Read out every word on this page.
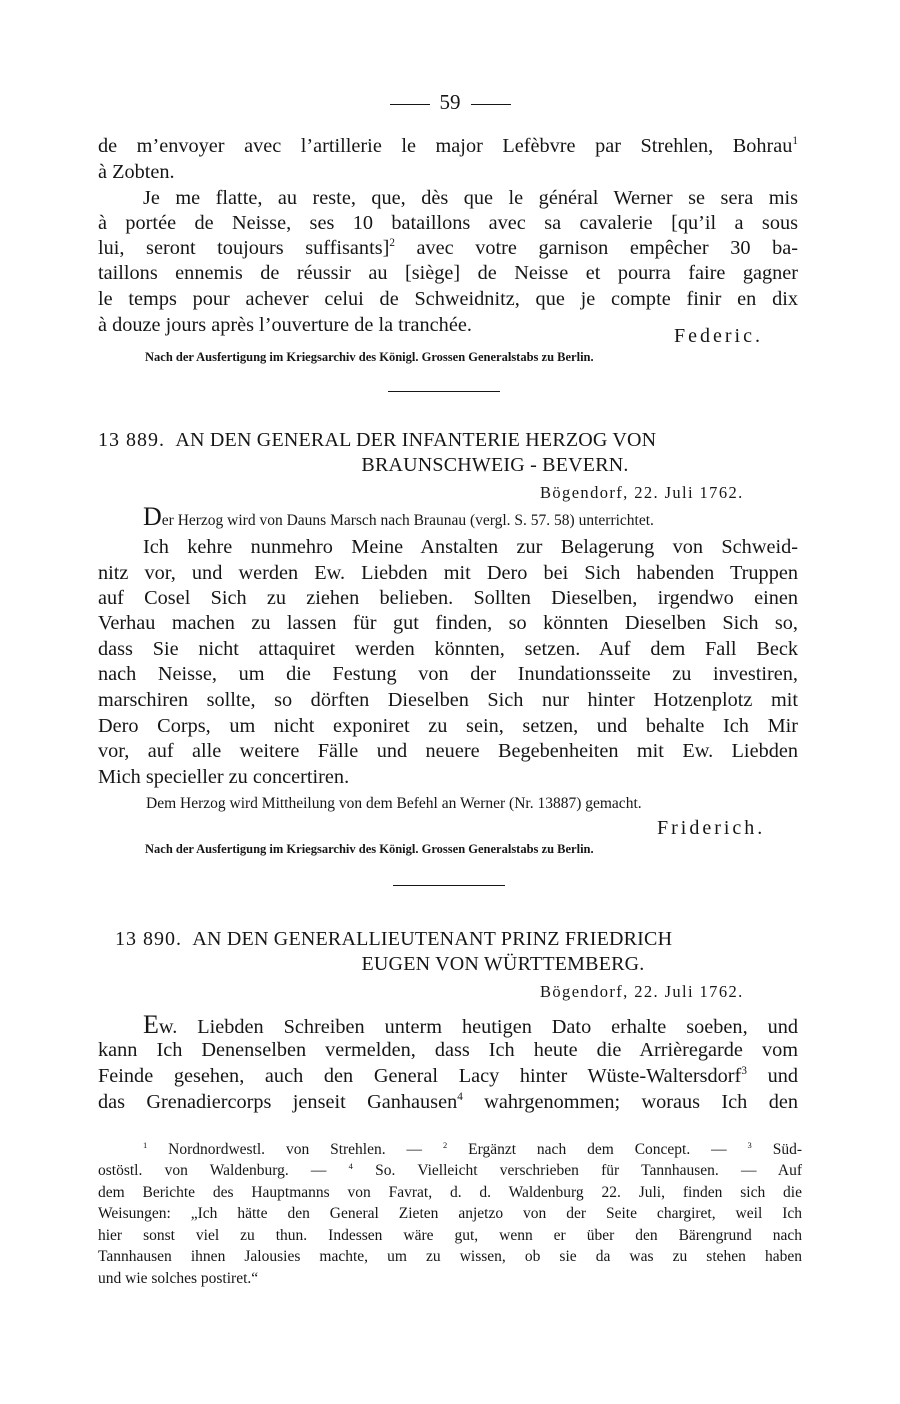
59
de m’envoyer avec l’artillerie le major Lefèbvre par Strehlen, Bohrau$^1$
à Zobten.
Je me flatte, au reste, que, dès que le général Werner se sera mis
à portée de Neisse, ses 10 bataillons avec sa cavalerie [qu’il a sous
lui, seront toujours suffisants]$^2$ avec votre garnison empêcher 30 ba-
taillons ennemis de réussir au [siège] de Neisse et pourra faire gagner
le temps pour achever celui de Schweidnitz, que je compte finir en dix
à douze jours après l’ouverture de la tranchée.	Federic.
Nach der Ausfertigung im Kriegsarchiv des Königl. Grossen Generalstabs zu Berlin.
13 889. AN DEN GENERAL DER INFANTERIE HERZOG VON
BRAUNSCHWEIG - BEVERN.
Bögendorf, 22. Juli 1762.
Der Herzog wird von Dauns Marsch nach Braunau (vergl. S. 57. 58) unterrichtet.
Ich kehre nunmehro Meine Anstalten zur Belagerung von Schweid-
nitz vor, und werden Ew. Liebden mit Dero bei Sich habenden Truppen
auf Cosel Sich zu ziehen belieben. Sollten Dieselben, irgendwo einen
Verhau machen zu lassen für gut finden, so könnten Dieselben Sich so,
dass Sie nicht attaquiret werden könnten, setzen. Auf dem Fall Beck
nach Neisse, um die Festung von der Inundationsseite zu investiren,
marschiren sollte, so dörften Dieselben Sich nur hinter Hotzenplotz mit
Dero Corps, um nicht exponiret zu sein, setzen, und behalte Ich Mir
vor, auf alle weitere Fälle und neuere Begebenheiten mit Ew. Liebden
Mich specieller zu concertiren.
Dem Herzog wird Mittheilung von dem Befehl an Werner (Nr. 13887) gemacht.
Friderich.
Nach der Ausfertigung im Kriegsarchiv des Königl. Grossen Generalstabs zu Berlin.
13 890. AN DEN GENERALLIEUTENANT PRINZ FRIEDRICH
EUGEN VON WÜRTTEMBERG.
Bögendorf, 22. Juli 1762.
Ew. Liebden Schreiben unterm heutigen Dato erhalte soeben, und
kann Ich Denenselben vermelden, dass Ich heute die Arrièregarde vom
Feinde gesehen, auch den General Lacy hinter Wüste-Waltersdorf$^3$ und
das Grenadiercorps jenseit Ganhausen$^4$ wahrgenommen; woraus Ich den
$^1$ Nordnordwestl. von Strehlen. — $^2$ Ergänzt nach dem Concept. — $^3$ Süd-
ostöstl. von Waldenburg. — $^4$ So. Vielleicht verschrieben für Tannhausen. — Auf
dem Berichte des Hauptmanns von Favrat, d. d. Waldenburg 22. Juli, finden sich die
Weisungen: „Ich hätte den General Zieten anjetzo von der Seite chargiret, weil Ich
hier sonst viel zu thun. Indessen wäre gut, wenn er über den Bärengrund nach
Tannhausen ihnen Jalousies machte, um zu wissen, ob sie da was zu stehen haben
und wie solches postiret.“
